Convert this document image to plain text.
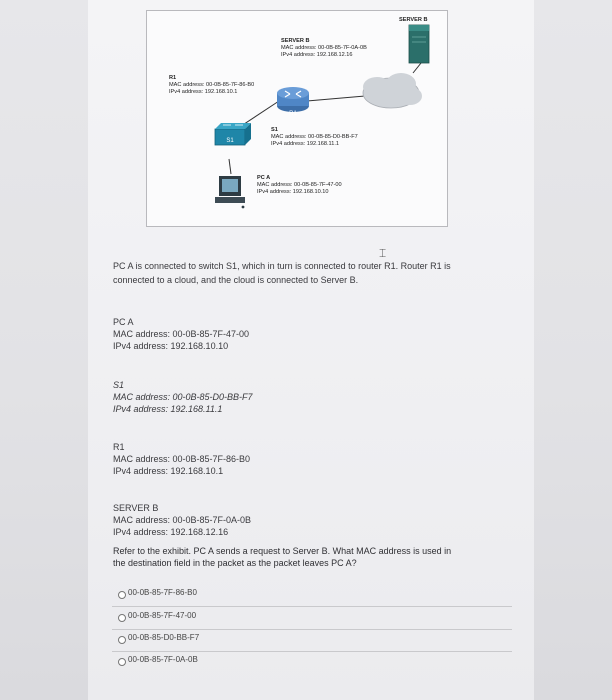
R1
S1
SERVER B
SERVER B
MAC address: 00-0B-85-7F-0A-0B
IPv4 address: 192.168.12.16
R1
MAC address: 00-0B-85-7F-86-B0
IPv4 address: 192.168.10.1
S1
MAC address: 00-0B-85-D0-BB-F7
IPv4 address: 192.168.11.1
PC A
MAC address: 00-0B-85-7F-47-00
IPv4 address: 192.168.10.10
⌶
PC A is connected to switch S1, which in turn is connected to router R1. Router R1 is
connected to a cloud, and the cloud is connected to Server B.
PC A
MAC address: 00-0B-85-7F-47-00
IPv4 address: 192.168.10.10
S1
MAC address: 00-0B-85-D0-BB-F7
IPv4 address: 192.168.11.1
R1
MAC address: 00-0B-85-7F-86-B0
IPv4 address: 192.168.10.1
SERVER B
MAC address: 00-0B-85-7F-0A-0B
IPv4 address: 192.168.12.16
Refer to the exhibit. PC A sends a request to Server B. What MAC address is used in
the destination field in the packet as the packet leaves PC A?
00-0B-85-7F-86-B0
00-0B-85-7F-47-00
00-0B-85-D0-BB-F7
00-0B-85-7F-0A-0B
